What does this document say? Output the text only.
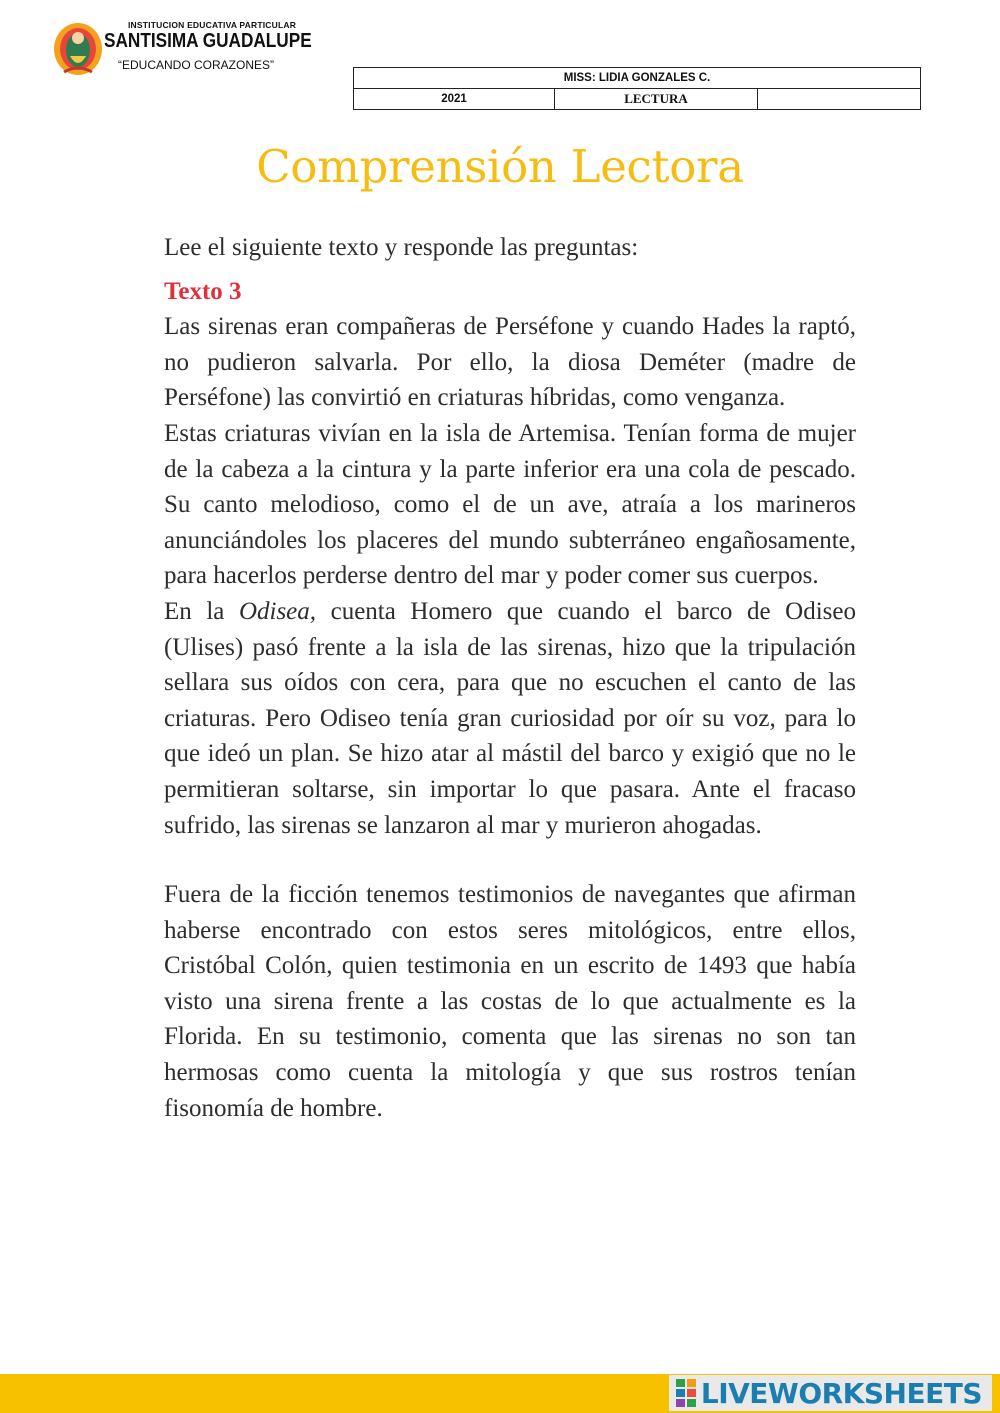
INSTITUCION EDUCATIVA PARTICULAR
SANTISIMA GUADALUPE
“EDUCANDO CORAZONES”
MISS: LIDIA GONZALES C.
2021	LECTURA	
Comprensión Lectora

Lee el siguiente texto y responde las preguntas:

Texto 3

Las sirenas eran compañeras de Perséfone y cuando Hades la raptó, no pudieron salvarla. Por ello, la diosa Deméter (madre de Perséfone) las convirtió en criaturas híbridas, como venganza.

Estas criaturas vivían en la isla de Artemisa. Tenían forma de mujer de la cabeza a la cintura y la parte inferior era una cola de pescado. Su canto melodioso, como el de un ave, atraía a los marineros anunciándoles los placeres del mundo subterráneo engañosamente, para hacerlos perderse dentro del mar y poder comer sus cuerpos.

En la Odisea, cuenta Homero que cuando el barco de Odiseo (Ulises) pasó frente a la isla de las sirenas, hizo que la tripulación sellara sus oídos con cera, para que no escuchen el canto de las criaturas. Pero Odiseo tenía gran curiosidad por oír su voz, para lo que ideó un plan. Se hizo atar al mástil del barco y exigió que no le permitieran soltarse, sin importar lo que pasara. Ante el fracaso sufrido, las sirenas se lanzaron al mar y murieron ahogadas.

Fuera de la ficción tenemos testimonios de navegantes que afirman haberse encontrado con estos seres mitológicos, entre ellos, Cristóbal Colón, quien testimonia en un escrito de 1493 que había visto una sirena frente a las costas de lo que actualmente es la Florida. En su testimonio, comenta que las sirenas no son tan hermosas como cuenta la mitología y que sus rostros tenían fisonomía de hombre.

LIVEWORKSHEETS
